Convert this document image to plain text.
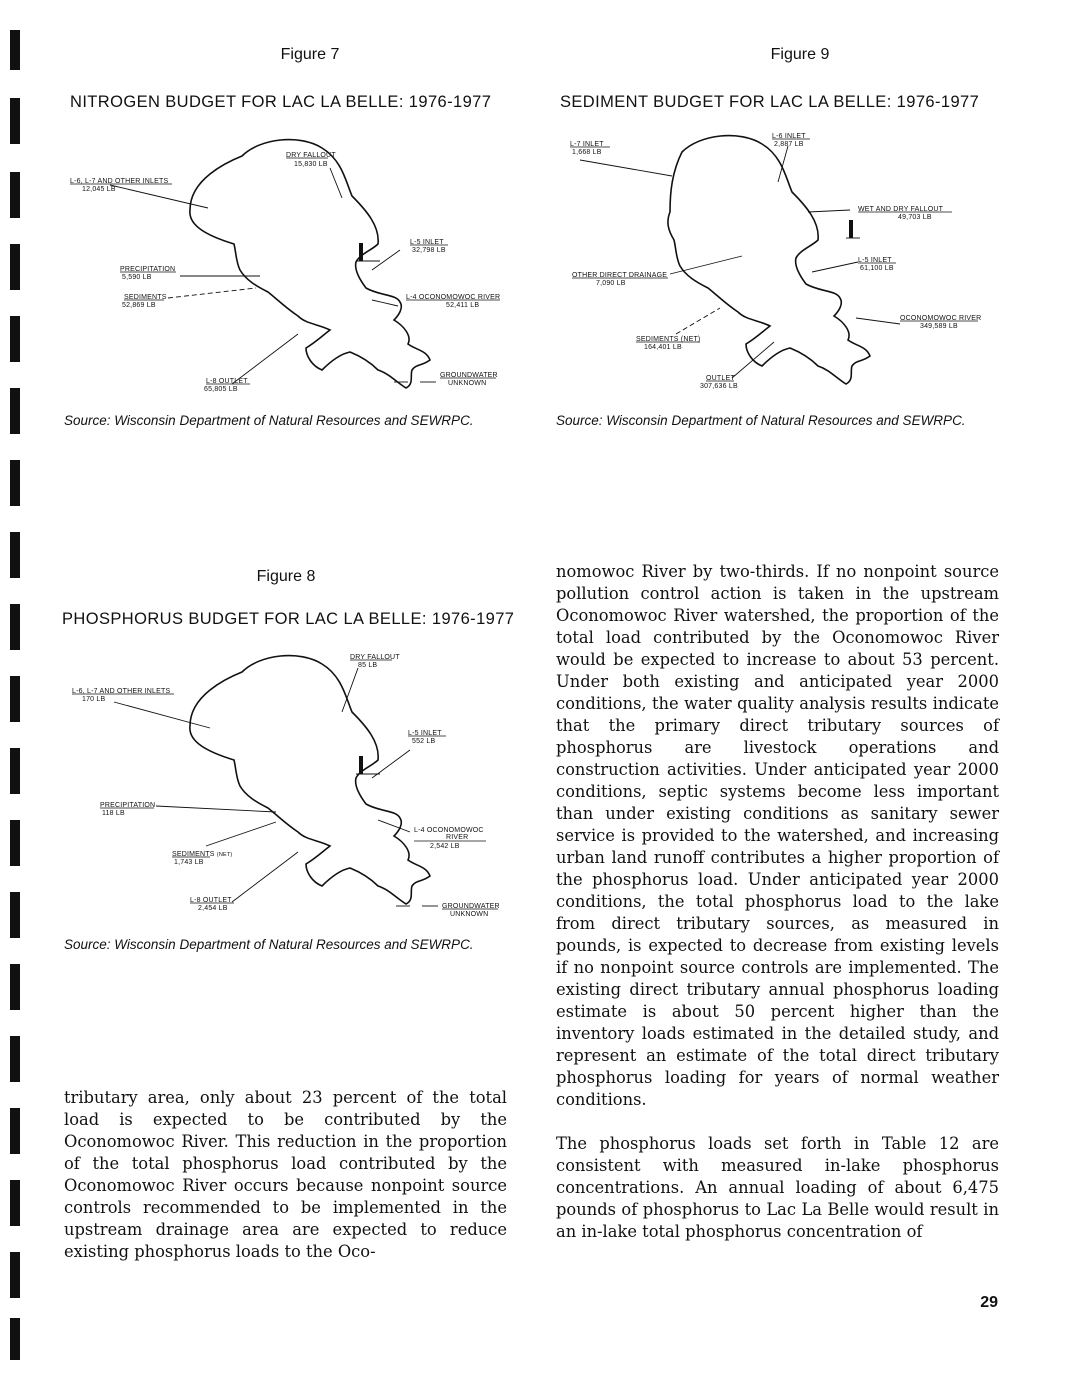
Figure 7
NITROGEN BUDGET FOR LAC LA BELLE: 1976-1977
DRY FALLOUT
15,830 LB
L-6, L-7 AND OTHER INLETS
12,045 LB
L-5 INLET
32,798 LB
PRECIPITATION
5,590 LB
SEDIMENTS
52,869 LB
L-4 OCONOMOWOC RIVER
52,411 LB
GROUNDWATER
UNKNOWN
L-8 OUTLET
65,805 LB
Source: Wisconsin Department of Natural Resources and SEWRPC.
Figure 9
SEDIMENT BUDGET FOR LAC LA BELLE: 1976-1977
L-7 INLET
1,668 LB
L-6 INLET
2,887 LB
WET AND DRY FALLOUT
49,703 LB
L-5 INLET
61,100 LB
OTHER DIRECT DRAINAGE
7,090 LB
OCONOMOWOC RIVER
349,589 LB
SEDIMENTS (NET)
164,401 LB
OUTLET
307,636 LB
Source: Wisconsin Department of Natural Resources and SEWRPC.
Figure 8
PHOSPHORUS BUDGET FOR LAC LA BELLE: 1976-1977
DRY FALLOUT
85 LB
L-6, L-7 AND OTHER INLETS
170 LB
L-5 INLET
552 LB
PRECIPITATION
118 LB
L-4 OCONOMOWOC
RIVER
2,542 LB
SEDIMENTS (NET)
1,743 LB
L-8 OUTLET
2,454 LB	GROUNDWATER
UNKNOWN
Source: Wisconsin Department of Natural Resources and SEWRPC.

tributary area, only about 23 percent of the total load is expected to be contributed by the Oconomowoc River. This reduction in the proportion of the total phosphorus load contributed by the Oconomowoc River occurs because nonpoint source controls recommended to be implemented in the upstream drainage area are expected to reduce existing phosphorus loads to the Oco-

nomowoc River by two-thirds. If no nonpoint source pollution control action is taken in the upstream Oconomowoc River watershed, the proportion of the total load contributed by the Oconomowoc River would be expected to increase to about 53 percent. Under both existing and anticipated year 2000 conditions, the water quality analysis results indicate that the primary direct tributary sources of phosphorus are livestock operations and construction activities. Under anticipated year 2000 conditions, septic systems become less important than under existing conditions as sanitary sewer service is provided to the watershed, and increasing urban land runoff contributes a higher proportion of the phosphorus load. Under anticipated year 2000 conditions, the total phosphorus load to the lake from direct tributary sources, as measured in pounds, is expected to decrease from existing levels if no nonpoint source controls are implemented. The existing direct tributary annual phosphorus loading estimate is about 50 percent higher than the inventory loads estimated in the detailed study, and represent an estimate of the total direct tributary phosphorus loading for years of normal weather conditions.

The phosphorus loads set forth in Table 12 are consistent with measured in-lake phosphorus concentrations. An annual loading of about 6,475 pounds of phosphorus to Lac La Belle would result in an in-lake total phosphorus concentration of

29
